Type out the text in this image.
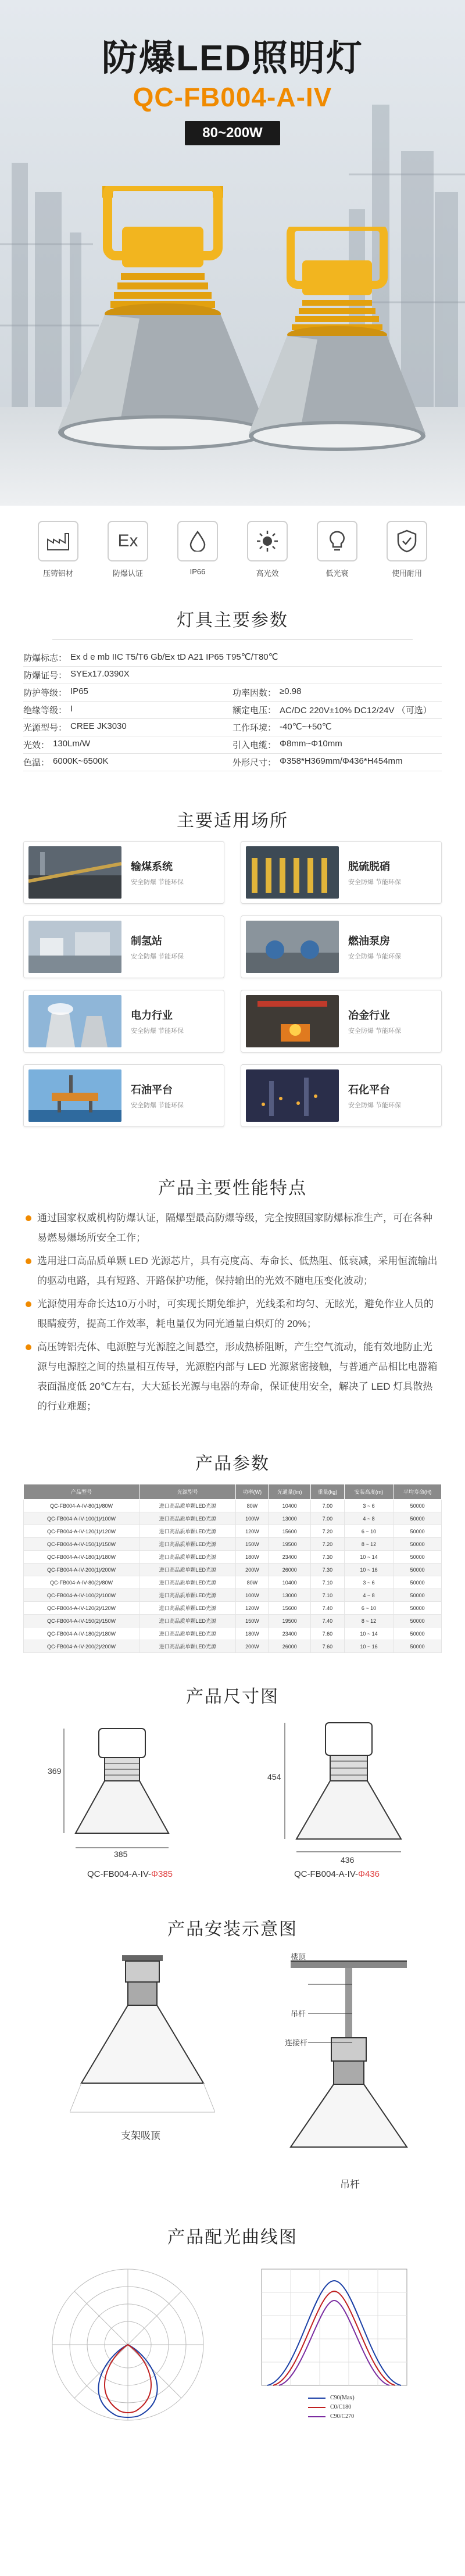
防爆LED照明灯
QC-FB004-A-IV
80~200W
压铸铝材
Ex
防爆认证	IP66	高光效	低光衰	使用耐用
灯具主要参数
防爆标志： Ex d e mb IIC T5/T6 Gb/Ex tD A21 IP65 T95℃/T80℃
防爆证号： SYEx17.0390X
防护等级： IP65	功率因数： ≥0.98
绝缘等级： I	额定电压： AC/DC 220V±10% DC12/24V （可选）
光源型号： CREE JK3030	工作环境： -40℃~+50℃
光效： 130Lm/W	引入电缆： Φ8mm~Φ10mm
色温： 6000K~6500K	外形尺寸： Φ358*H369mm/Φ436*H454mm
主要适用场所
输煤系统
安全防爆 节能环保
脱硫脱硝
安全防爆 节能环保
制氢站
安全防爆 节能环保
燃油泵房
安全防爆 节能环保
电力行业
安全防爆 节能环保
冶金行业
安全防爆 节能环保
石油平台
安全防爆 节能环保
石化平台
安全防爆 节能环保
产品主要性能特点
通过国家权威机构防爆认证，隔爆型最高防爆等级，完全按照国家防爆标准生产，可在各种易燃易爆场所安全工作；
选用进口高品质单颗 LED 光源芯片，具有亮度高、寿命长、低热阻、低衰减，采用恒流输出的驱动电路，具有短路、开路保护功能，保持输出的光效不随电压变化波动；
光源使用寿命长达10万小时，可实现长期免维护，光线柔和均匀、无眩光，避免作业人员的眼睛疲劳，提高工作效率，耗电量仅为同光通量白炽灯的 20%；
高压铸铝壳体、电源腔与光源腔之间悬空，形成热桥阻断，产生空气流动，能有效地防止光源与电源腔之间的热量相互传导，光源腔内部与 LED 光源紧密接触，与普通产品相比电器箱表面温度低 20℃左右，大大延长光源与电器的寿命，保证使用安全，解决了 LED 灯具散热的行业难题；
产品参数
产品型号	光源型号	功率(W)	光通量(lm)	重量(kg)	安装高度(m)	平均寿命(H)
QC-FB004-A-IV-80(1)/80W	进口高品质单颗LED光源	80W	10400	7.00	3 ~ 6	50000
QC-FB004-A-IV-100(1)/100W	进口高品质单颗LED光源	100W	13000	7.00	4 ~ 8	50000
QC-FB004-A-IV-120(1)/120W	进口高品质单颗LED光源	120W	15600	7.20	6 ~ 10	50000
QC-FB004-A-IV-150(1)/150W	进口高品质单颗LED光源	150W	19500	7.20	8 ~ 12	50000
QC-FB004-A-IV-180(1)/180W	进口高品质单颗LED光源	180W	23400	7.30	10 ~ 14	50000
QC-FB004-A-IV-200(1)/200W	进口高品质单颗LED光源	200W	26000	7.30	10 ~ 16	50000
QC-FB004-A-IV-80(2)/80W	进口高品质单颗LED光源	80W	10400	7.10	3 ~ 6	50000
QC-FB004-A-IV-100(2)/100W	进口高品质单颗LED光源	100W	13000	7.10	4 ~ 8	50000
QC-FB004-A-IV-120(2)/120W	进口高品质单颗LED光源	120W	15600	7.40	6 ~ 10	50000
QC-FB004-A-IV-150(2)/150W	进口高品质单颗LED光源	150W	19500	7.40	8 ~ 12	50000
QC-FB004-A-IV-180(2)/180W	进口高品质单颗LED光源	180W	23400	7.60	10 ~ 14	50000
QC-FB004-A-IV-200(2)/200W	进口高品质单颗LED光源	200W	26000	7.60	10 ~ 16	50000
产品尺寸图
369
385
QC-FB004-A-IV-Φ385
454
436
QC-FB004-A-IV-Φ436
产品安装示意图
支架吸顶
楼顶
吊杆
连接杆
吊杆
产品配光曲线图
C90(Max)
C0/C180
C90/C270
